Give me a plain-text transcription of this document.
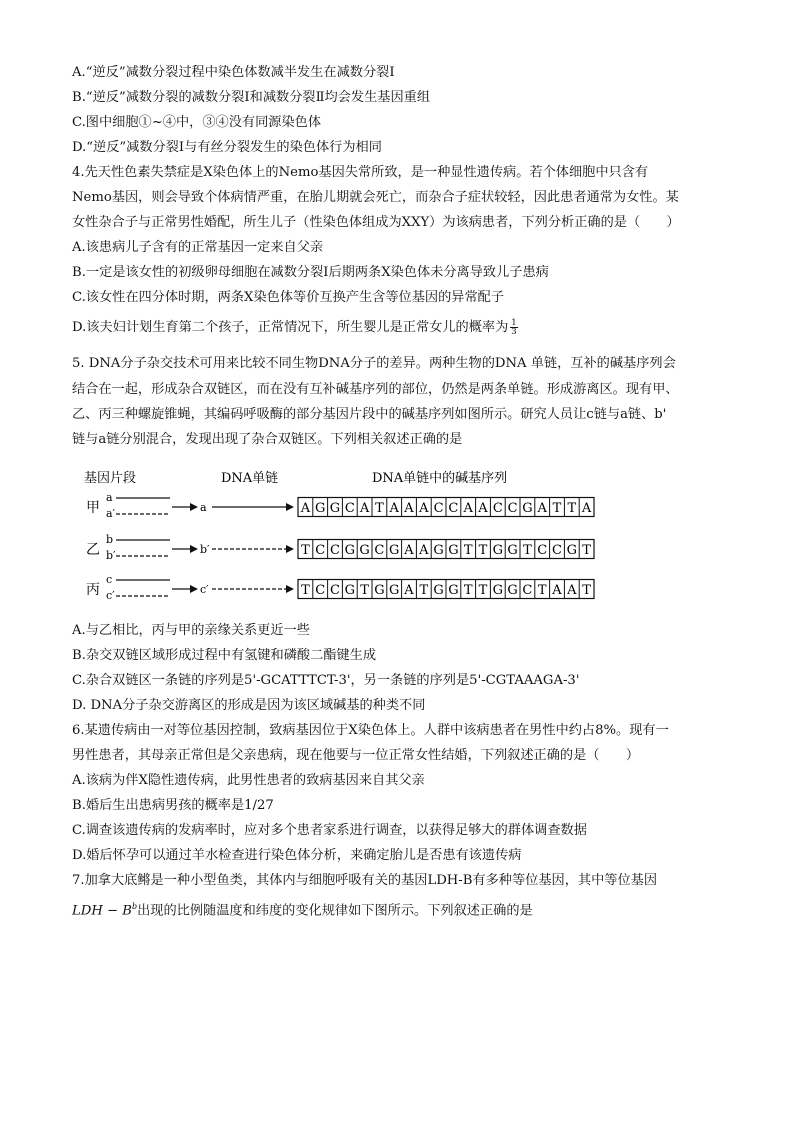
A.“逆反”减数分裂过程中染色体数减半发生在减数分裂Ⅰ
B.“逆反”减数分裂的减数分裂Ⅰ和减数分裂Ⅱ均会发生基因重组
C.图中细胞①~④中，③④没有同源染色体
D.“逆反”减数分裂Ⅰ与有丝分裂发生的染色体行为相同
4.先天性色素失禁症是X染色体上的Nemo基因失常所致，是一种显性遗传病。若个体细胞中只含有
Nemo基因，则会导致个体病情严重，在胎儿期就会死亡，而杂合子症状较轻，因此患者通常为女性。某
女性杂合子与正常男性婚配，所生儿子（性染色体组成为XXY）为该病患者，下列分析正确的是（　　）
A.该患病儿子含有的正常基因一定来自父亲
B.一定是该女性的初级卵母细胞在减数分裂Ⅰ后期两条X染色体未分离导致儿子患病
C.该女性在四分体时期，两条X染色体等价互换产生含等位基因的异常配子
D.该夫妇计划生育第二个孩子，正常情况下，所生婴儿是正常女儿的概率为 $\frac{1}{3}$
5. DNA分子杂交技术可用来比较不同生物DNA分子的差异。两种生物的DNA 单链，互补的碱基序列会
结合在一起，形成杂合双链区，而在没有互补碱基序列的部位，仍然是两条单链。形成游离区。现有甲、
乙、丙三种螺旋锥蝇，其编码呼吸酶的部分基因片段中的碱基序列如图所示。研究人员让c链与a链、b'
链与a链分别混合，发现出现了杂合双链区。下列相关叙述正确的是
基因片段	DNA单链	DNA单链中的碱基序列
甲
a
a′	a	A G G C A T A A A C C A A C C G A T T A
乙
b
b′	b′	T C C G G C G A A G G T T G G T C C G T
丙
c
c′	c′	T C C G T G G A T G G T T G G C T A A T
A.与乙相比，丙与甲的亲缘关系更近一些
B.杂交双链区域形成过程中有氢键和磷酸二酯键生成
C.杂合双链区一条链的序列是5'-GCATTTCT-3'，另一条链的序列是5'-CGTAAAGA-3'
D. DNA分子杂交游离区的形成是因为该区域碱基的种类不同
6.某遗传病由一对等位基因控制，致病基因位于X染色体上。人群中该病患者在男性中约占8%。现有一
男性患者，其母亲正常但是父亲患病，现在他要与一位正常女性结婚，下列叙述正确的是（　　）
A.该病为伴X隐性遗传病，此男性患者的致病基因来自其父亲
B.婚后生出患病男孩的概率是1/27
C.调查该遗传病的发病率时，应对多个患者家系进行调查，以获得足够大的群体调查数据
D.婚后怀孕可以通过羊水检查进行染色体分析，来确定胎儿是否患有该遗传病
7.加拿大底鳉是一种小型鱼类，其体内与细胞呼吸有关的基因LDH-B有多种等位基因，其中等位基因
LDH − $B^b$出现的比例随温度和纬度的变化规律如下图所示。下列叙述正确的是
